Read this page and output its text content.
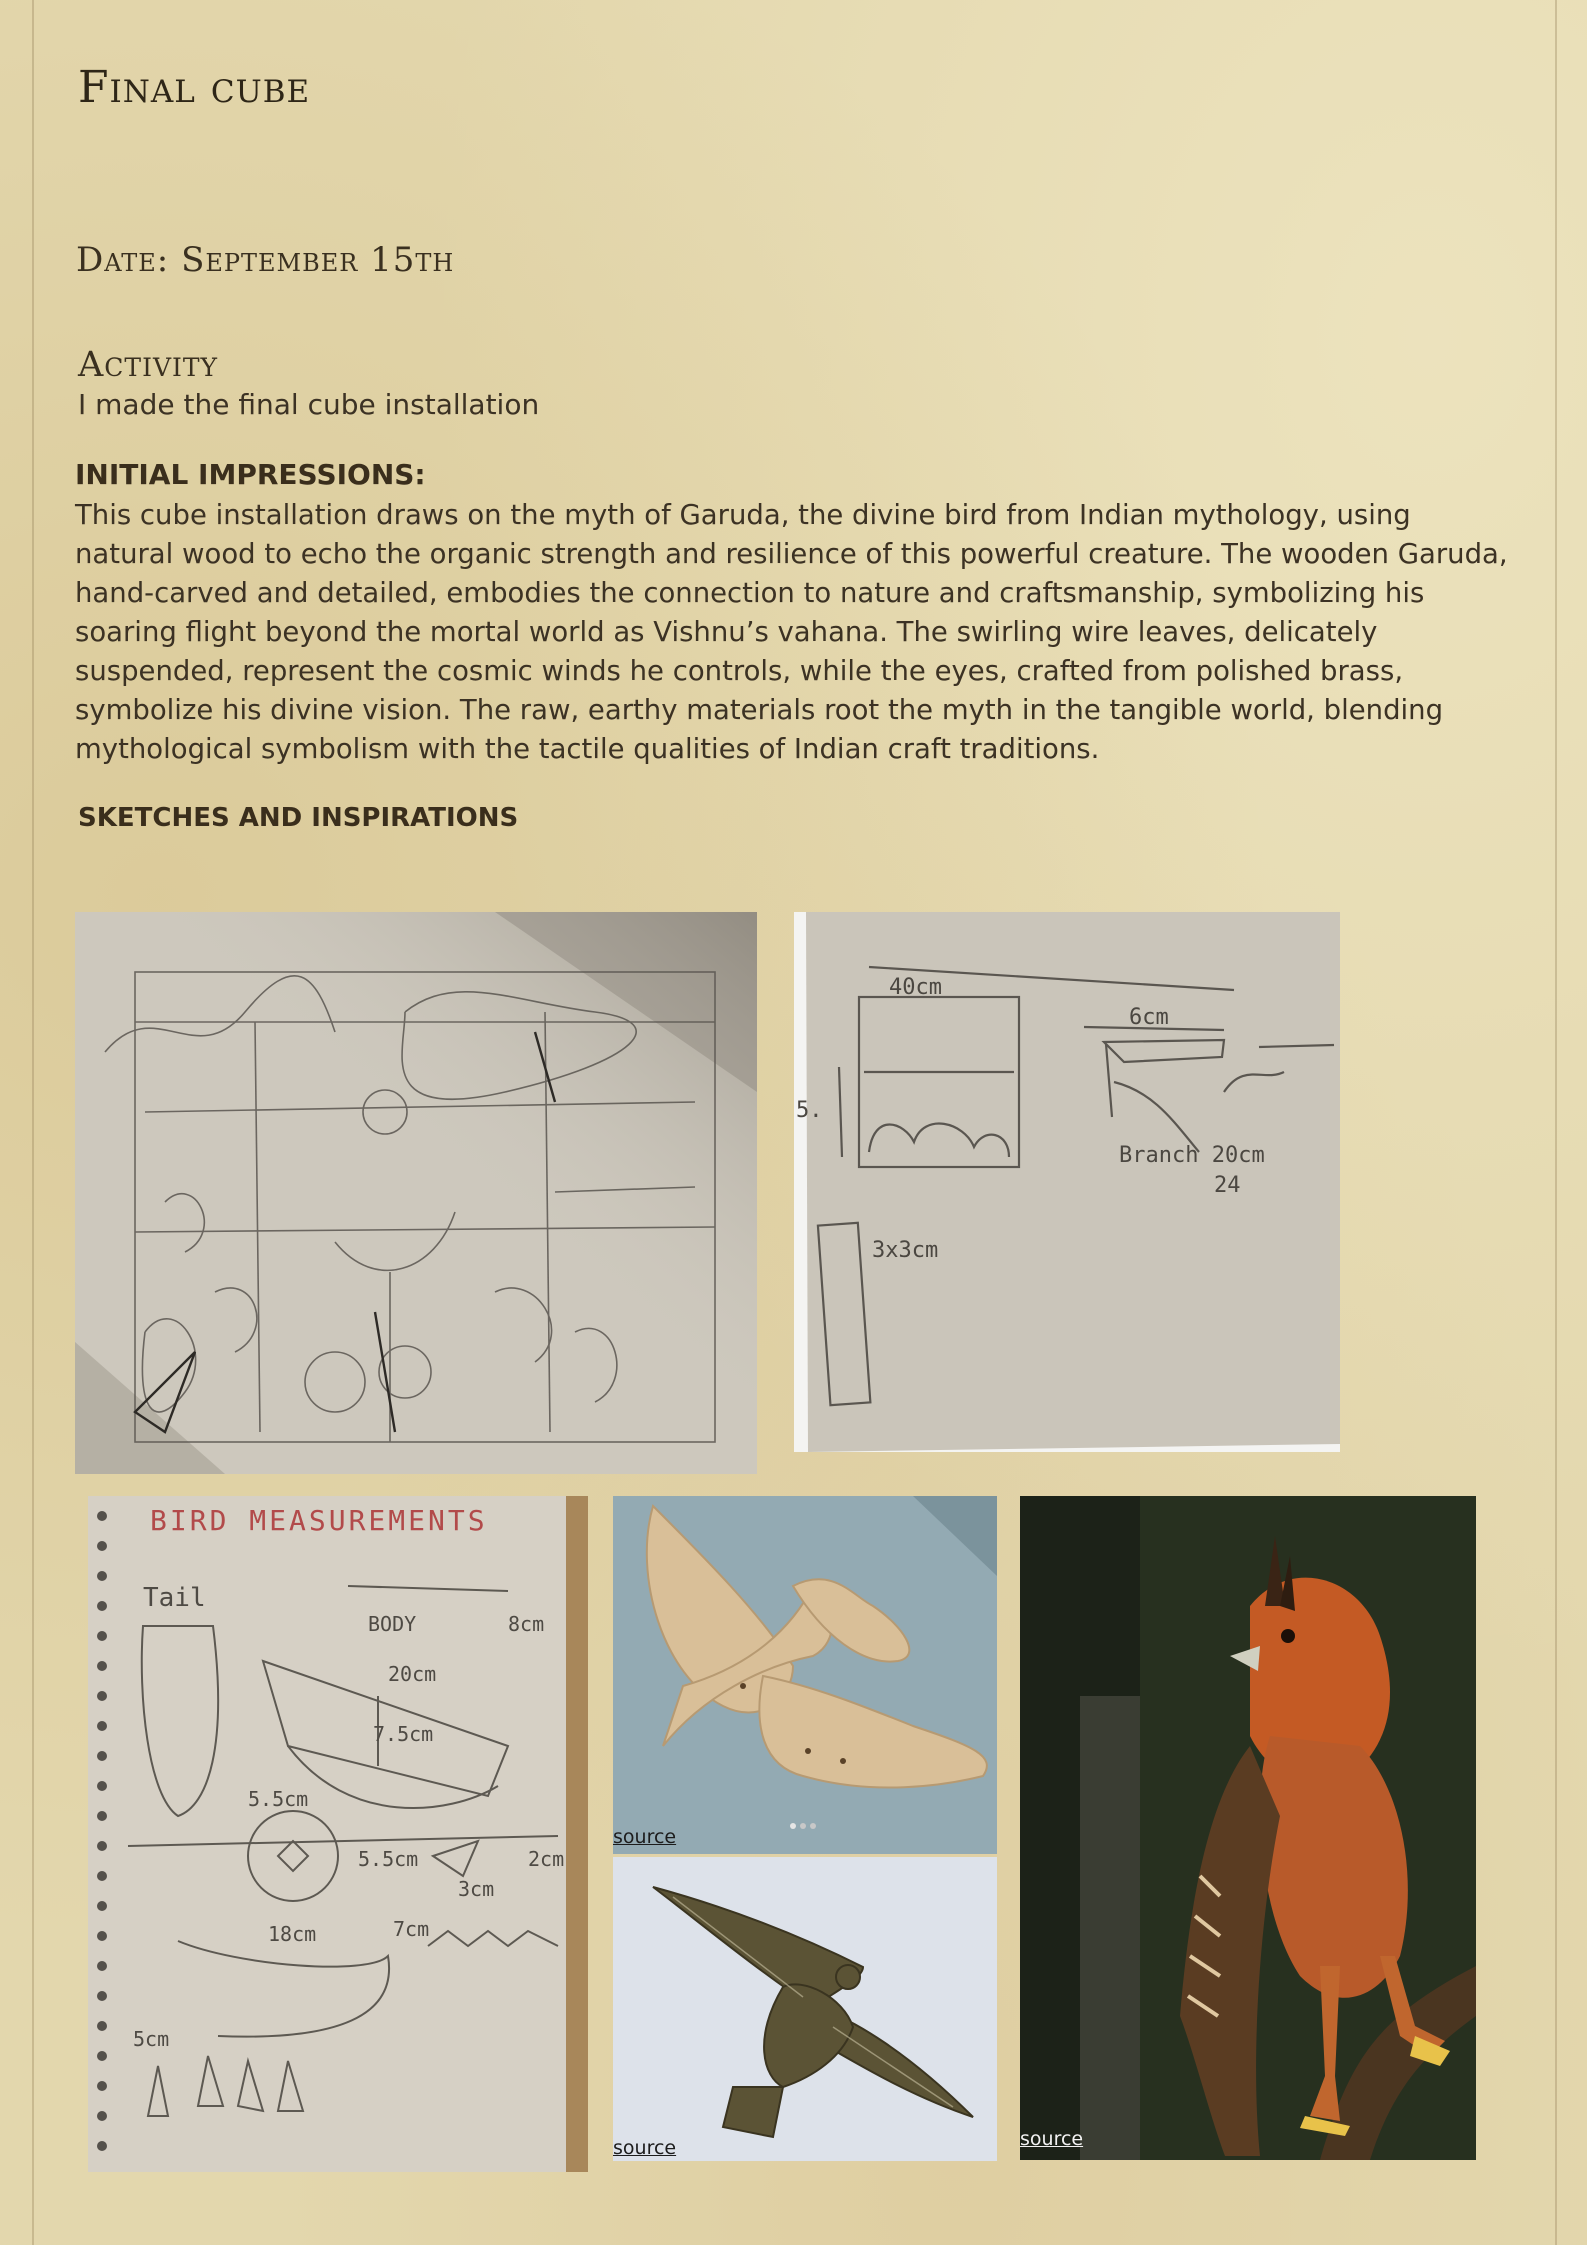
Final cube
Date: September 15th
Activity

I made the final cube installation

INITIAL IMPRESSIONS:

This cube installation draws on the myth of Garuda, the divine bird from Indian mythology, using natural wood to echo the organic strength and resilience of this powerful creature. The wooden Garuda, hand-carved and detailed, embodies the connection to nature and craftsmanship, symbolizing his soaring flight beyond the mortal world as Vishnu’s vahana. The swirling wire leaves, delicately suspended, represent the cosmic winds he controls, while the eyes, crafted from polished brass, symbolize his divine vision. The raw, earthy materials root the myth in the tangible world, blending mythological symbolism with the tactile qualities of Indian craft traditions.

SKETCHES AND INSPIRATIONS
40cm
5.
6cm
Branch 20cm
24
3x3cm
BIRD MEASUREMENTS
Tail
BODY
20cm
7.5cm
8cm
5.5cm
5.5cm
3cm
2cm
18cm	7cm
5cm
source
source	source
